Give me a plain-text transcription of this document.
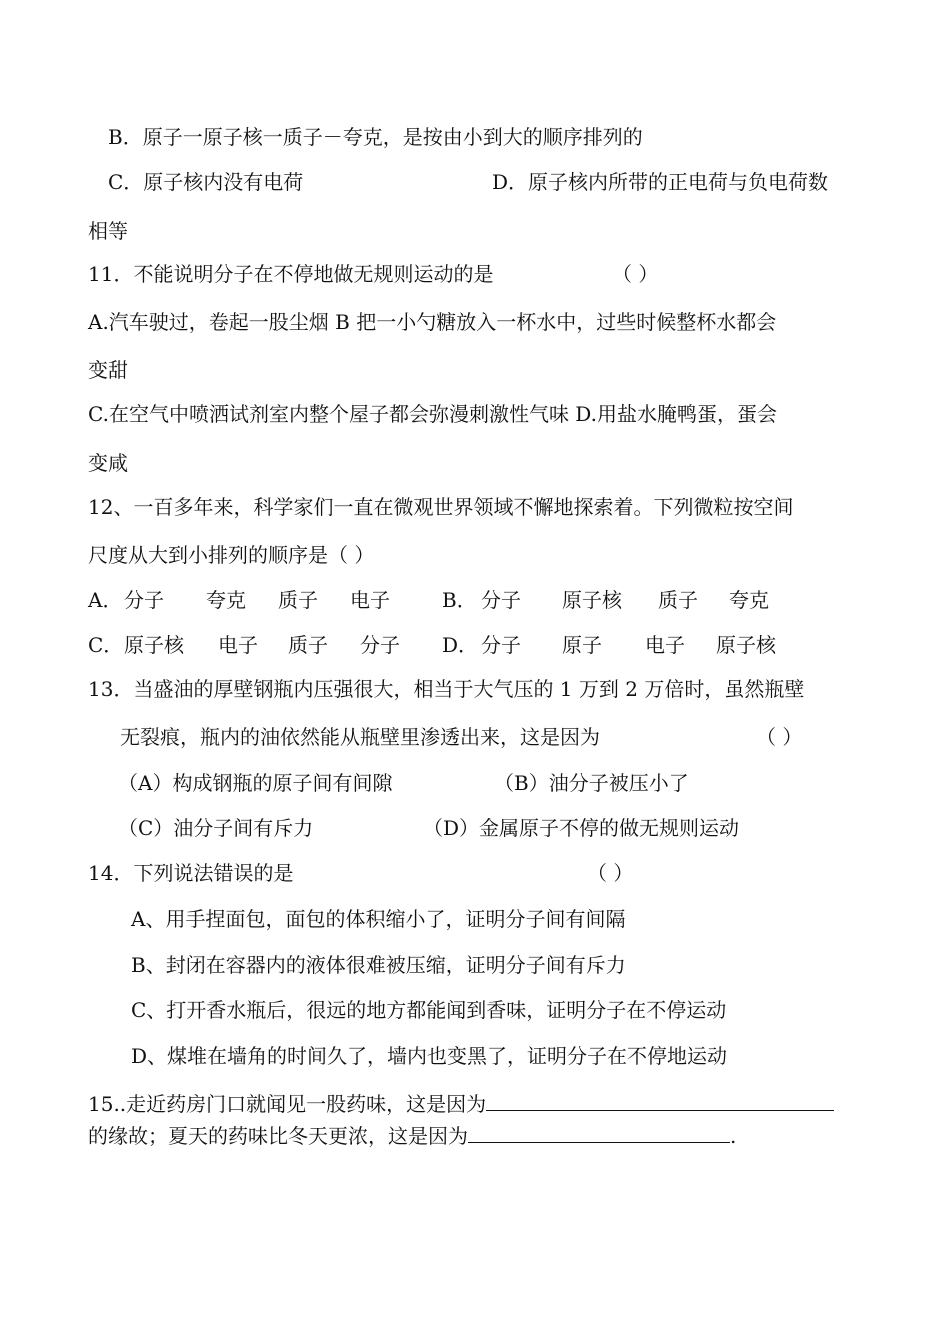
B．原子一原子核一质子－夸克，是按由小到大的顺序排列的
C．原子核内没有电荷	D．原子核内所带的正电荷与负电荷数
相等
11．不能说明分子在不停地做无规则运动的是	（ ）
A.汽车驶过，卷起一股尘烟 B 把一小勺糖放入一杯水中，过些时候整杯水都会
变甜
C.在空气中喷洒试剂室内整个屋子都会弥漫刺激性气味 D.用盐水腌鸭蛋，蛋会
变咸
12、一百多年来，科学家们一直在微观世界领域不懈地探索着。下列微粒按空间
尺度从大到小排列的顺序是（ ）
A． 分子 夸克 质子 电子	B． 分子 原子核 质子 夸克
C． 原子核 电子 质子 分子 D． 分子 原子 电子 原子核
13．当盛油的厚壁钢瓶内压强很大，相当于大气压的 1 万到 2 万倍时，虽然瓶壁
无裂痕，瓶内的油依然能从瓶壁里渗透出来，这是因为	（ ）
（A）构成钢瓶的原子间有间隙	（B）油分子被压小了
（C）油分子间有斥力	（D）金属原子不停的做无规则运动
14．下列说法错误的是	（ ）
A、用手捏面包，面包的体积缩小了，证明分子间有间隔
B、封闭在容器内的液体很难被压缩，证明分子间有斥力
C、打开香水瓶后，很远的地方都能闻到香味，证明分子在不停运动
D、煤堆在墙角的时间久了，墙内也变黑了，证明分子在不停地运动
15..走近药房门口就闻见一股药味，这是因为
的缘故；夏天的药味比冬天更浓，这是因为	.
